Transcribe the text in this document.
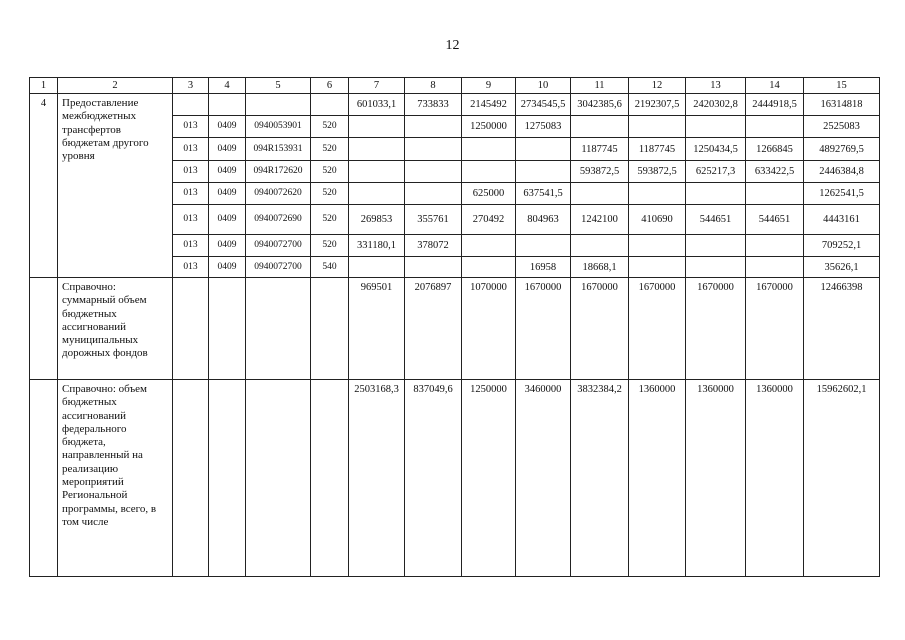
12
1	2	3	4	5	6	7	8	9	10	11	12	13	14	15
4	Предоставление межбюджетных трансфертов бюджетам другого уровня					601033,1	733833	2145492	2734545,5	3042385,6	2192307,5	2420302,8	2444918,5	16314818
		013	0409	0940053901	520			1250000	1275083					2525083
		013	0409	094R153931	520					1187745	1187745	1250434,5	1266845	4892769,5
		013	0409	094R172620	520					593872,5	593872,5	625217,3	633422,5	2446384,8
		013	0409	0940072620	520			625000	637541,5					1262541,5
		013	0409	0940072690	520	269853	355761	270492	804963	1242100	410690	544651	544651	4443161
		013	0409	0940072700	520	331180,1	378072							709252,1
		013	0409	0940072700	540				16958	18668,1				35626,1
	Справочно: суммарный объем бюджетных ассигнований муниципальных дорожных фондов					969501	2076897	1070000	1670000	1670000	1670000	1670000	1670000	12466398
	Справочно: объем бюджетных ассигнований федерального бюджета, направленный на реализацию мероприятий Региональной программы, всего, в том числе					2503168,3	837049,6	1250000	3460000	3832384,2	1360000	1360000	1360000	15962602,1
